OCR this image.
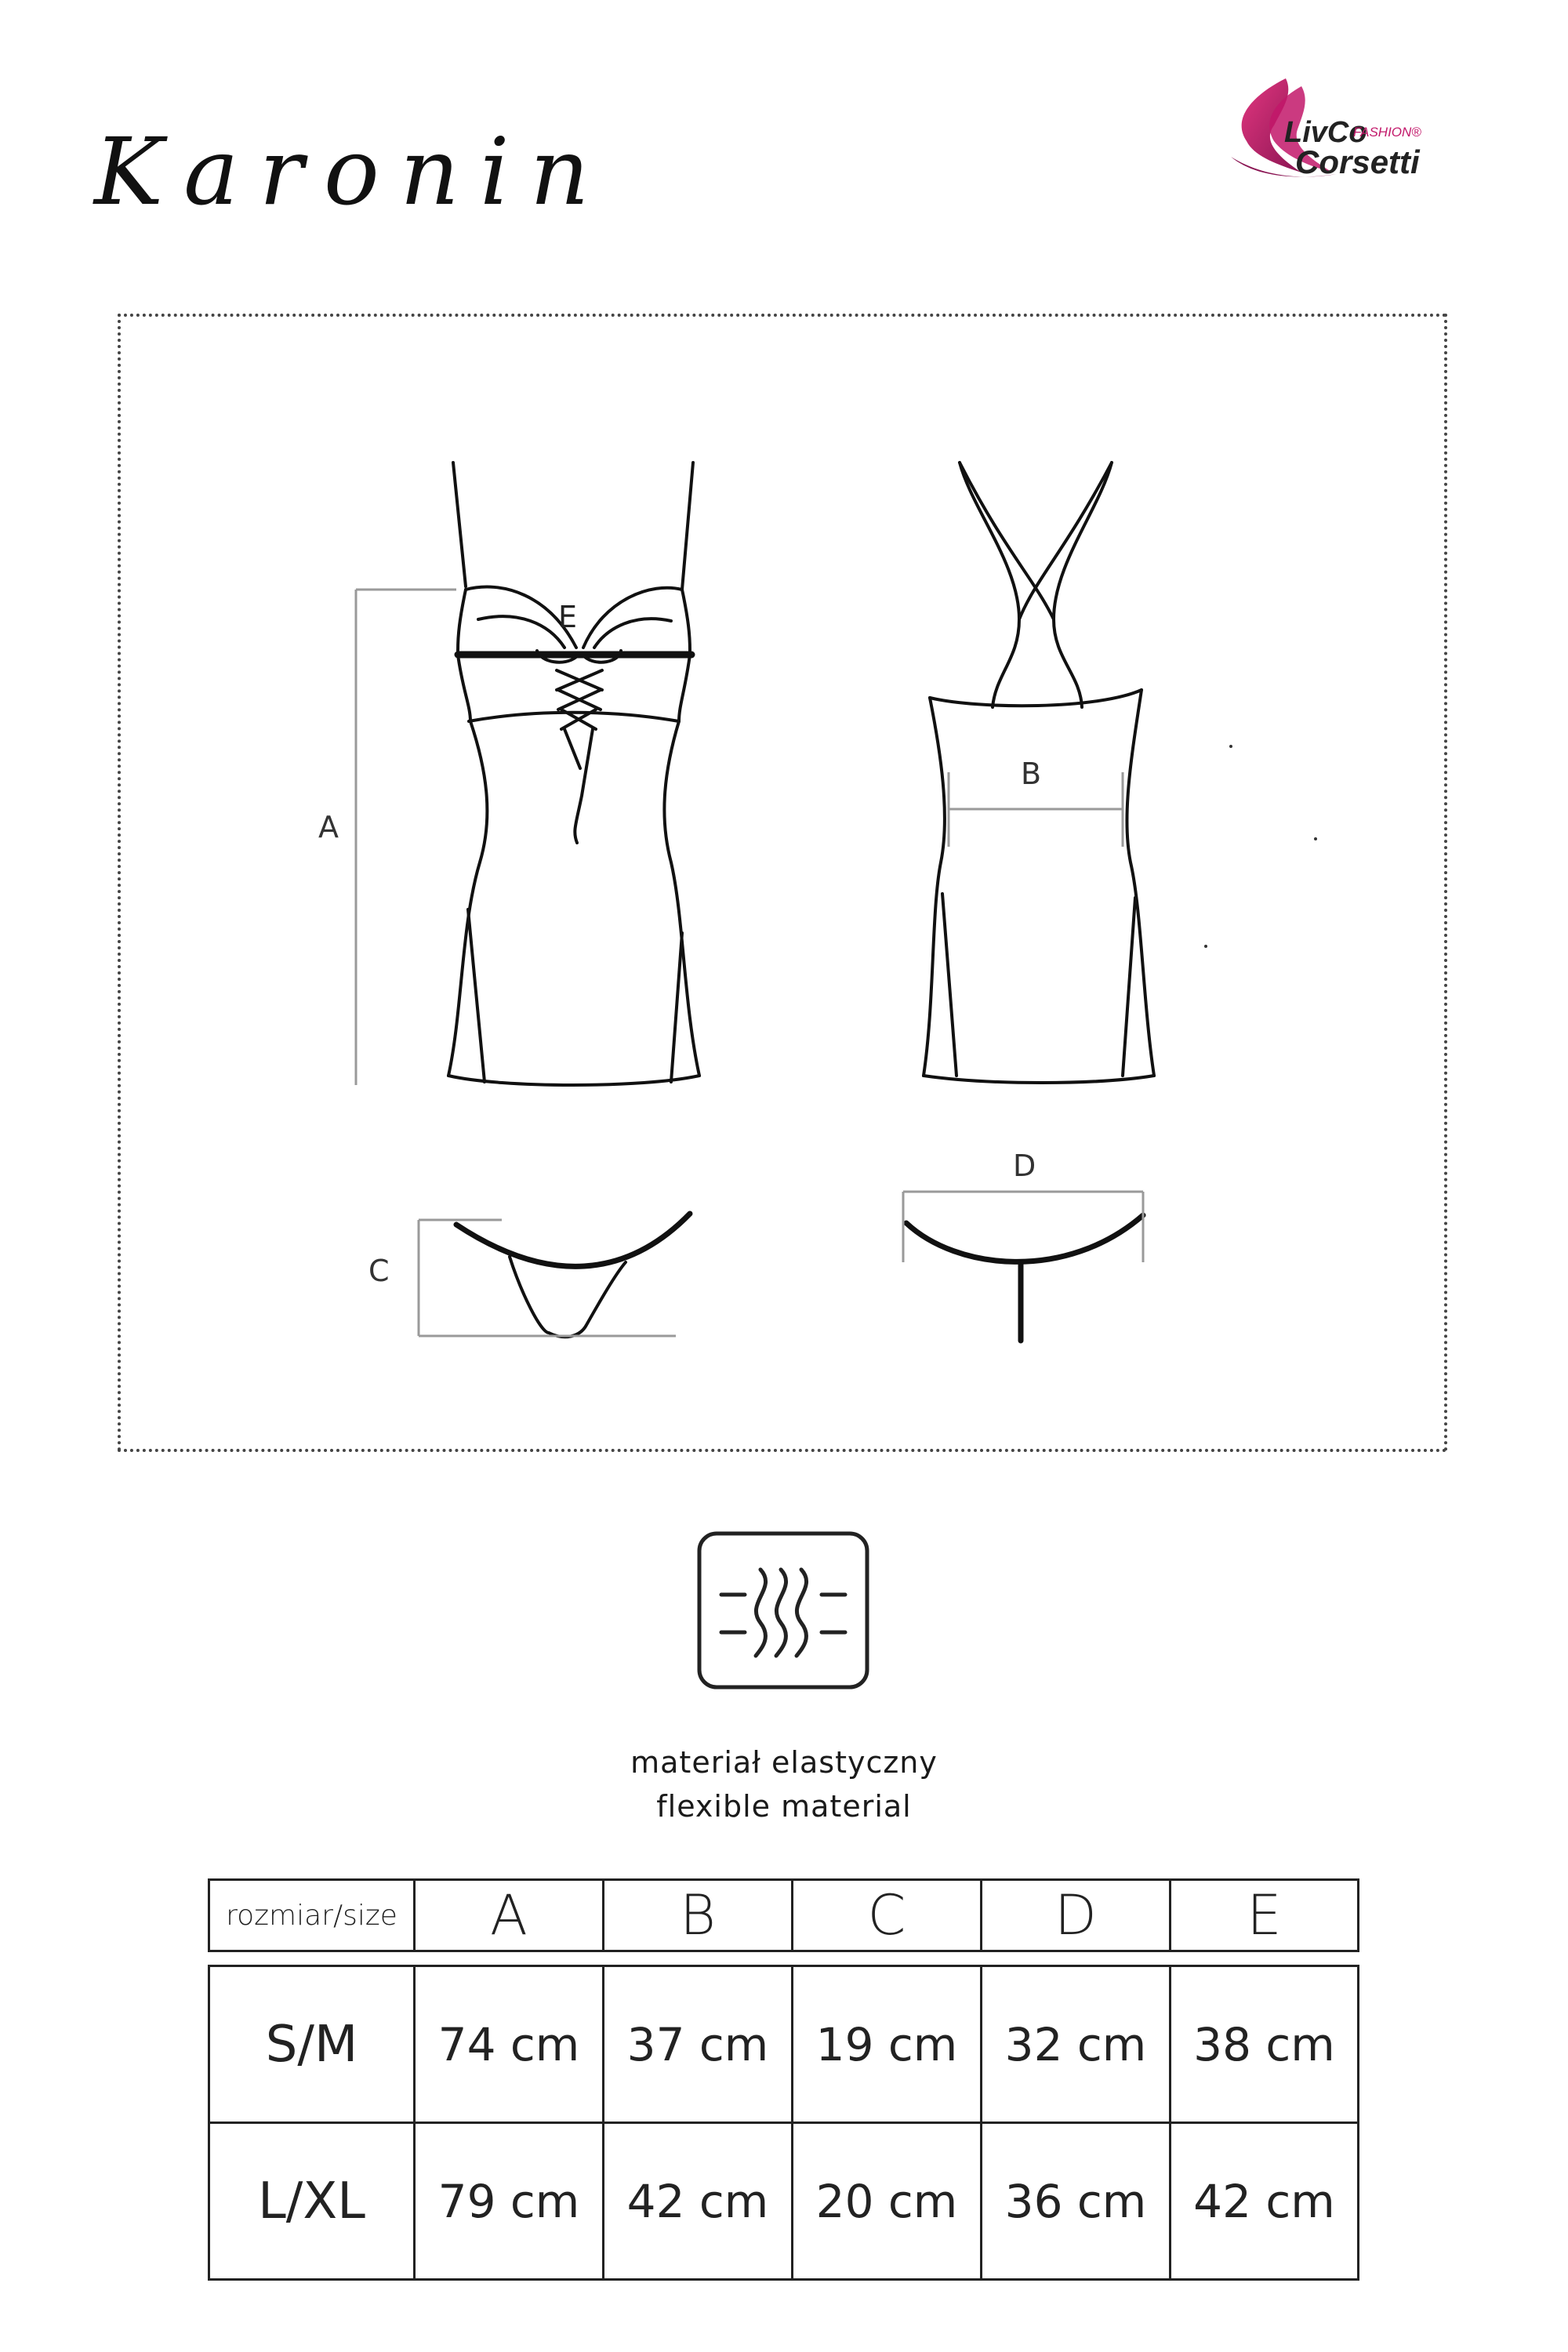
Karonin	LivCo
FASHION®
Corsetti
A
E
B
C
D
materiał elastyczny
flexible material
rozmiar/size	A	B	C	D	E
S/M	74 cm	37 cm	19 cm	32 cm	38 cm
L/XL	79 cm	42 cm	20 cm	36 cm	42 cm
